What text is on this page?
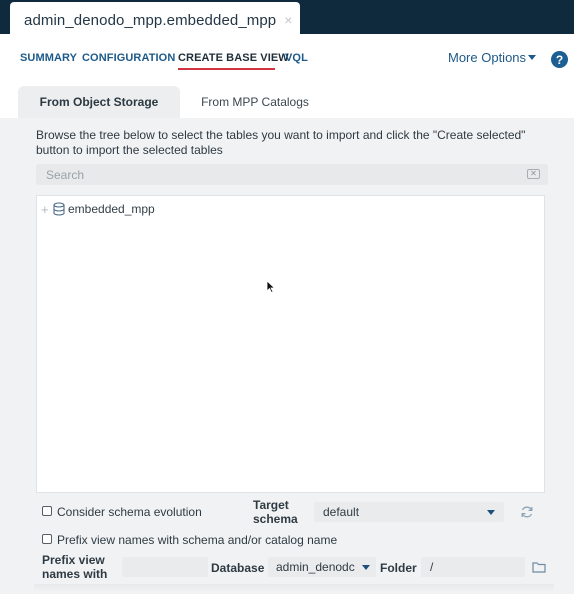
admin_denodo_mpp.embedded_mpp ×
SUMMARY CONFIGURATION CREATE BASE VIEW
VQL	More Options	?
From Object Storage	From MPP Catalogs
Browse the tree below to select the tables you want to import and click the "Create selected" button to import the selected tables
Search	✕
+	embedded_mpp
Consider schema evolution	Target schema	default
Prefix view names with schema and/or catalog name
Prefix view names with	Database admin_denodc	Folder /
